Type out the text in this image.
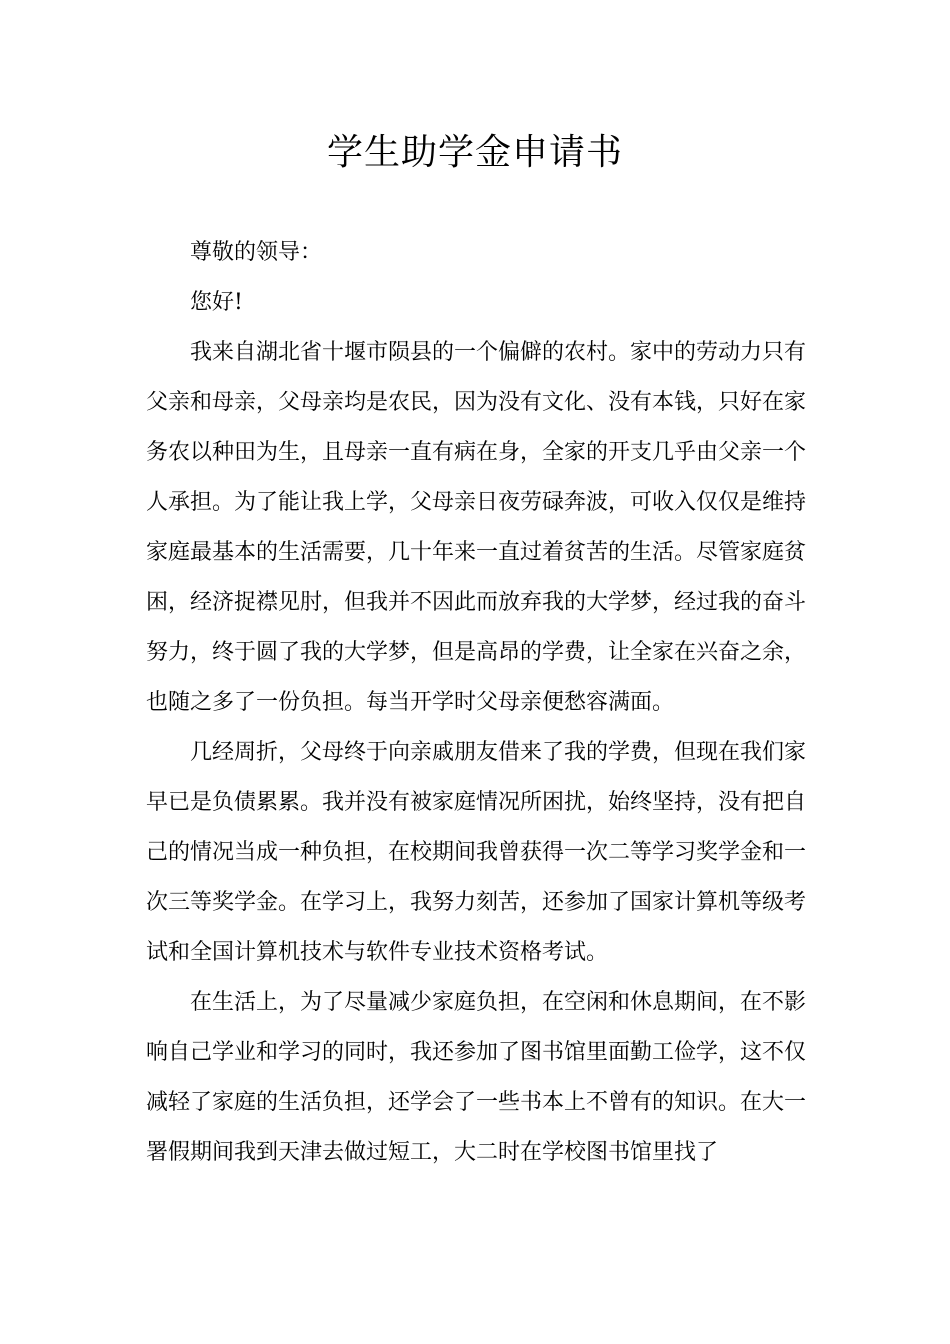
学生助学金申请书

尊敬的领导：

您好!

我来自湖北省十堰市陨县的一个偏僻的农村。家中的劳动力只有父亲和母亲，父母亲均是农民，因为没有文化、没有本钱，只好在家务农以种田为生，且母亲一直有病在身，全家的开支几乎由父亲一个人承担。为了能让我上学，父母亲日夜劳碌奔波，可收入仅仅是维持家庭最基本的生活需要，几十年来一直过着贫苦的生活。尽管家庭贫困，经济捉襟见肘，但我并不因此而放弃我的大学梦，经过我的奋斗努力，终于圆了我的大学梦，但是高昂的学费，让全家在兴奋之余，也随之多了一份负担。每当开学时父母亲便愁容满面。

几经周折，父母终于向亲戚朋友借来了我的学费，但现在我们家早已是负债累累。我并没有被家庭情况所困扰，始终坚持，没有把自己的情况当成一种负担，在校期间我曾获得一次二等学习奖学金和一次三等奖学金。在学习上，我努力刻苦，还参加了国家计算机等级考试和全国计算机技术与软件专业技术资格考试。

在生活上，为了尽量减少家庭负担，在空闲和休息期间，在不影响自己学业和学习的同时，我还参加了图书馆里面勤工俭学，这不仅减轻了家庭的生活负担，还学会了一些书本上不曾有的知识。在大一署假期间我到天津去做过短工，大二时在学校图书馆里找了
